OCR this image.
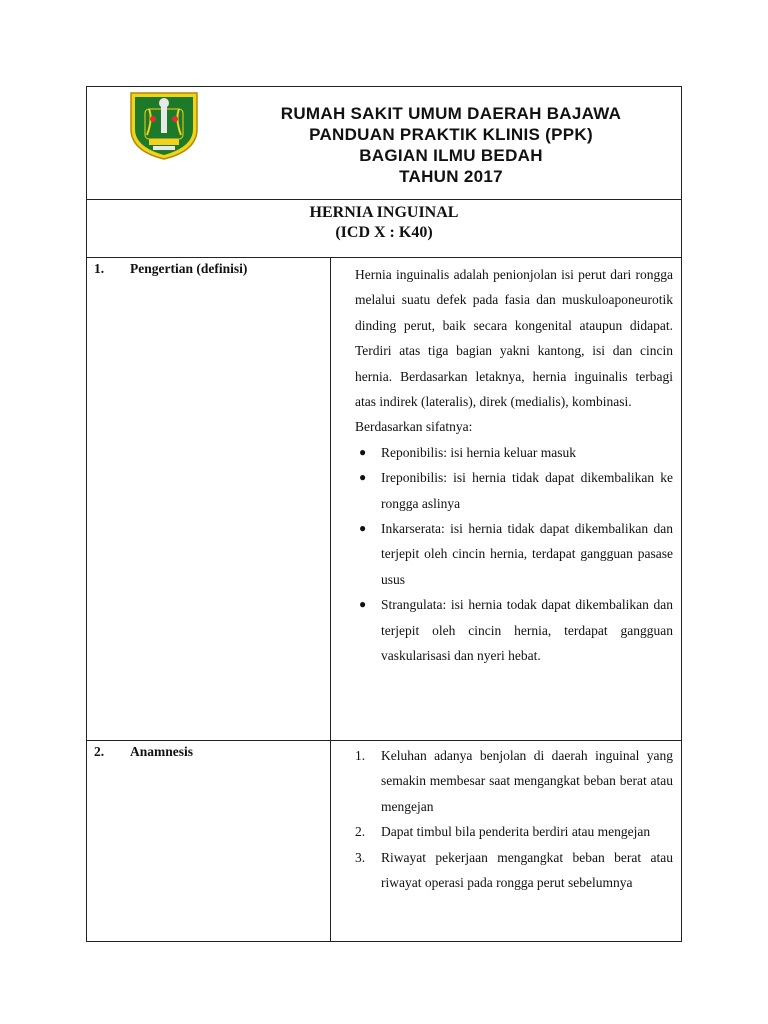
RUMAH SAKIT UMUM DAERAH BAJAWA
PANDUAN PRAKTIK KLINIS (PPK)
BAGIAN ILMU BEDAH
TAHUN 2017
HERNIA INGUINAL
(ICD X : K40)
1. Pengertian (definisi)	Hernia inguinalis adalah penionjolan isi perut dari rongga melalui suatu defek pada fasia dan muskuloaponeurotik dinding perut, baik secara kongenital ataupun didapat. Terdiri atas tiga bagian yakni kantong, isi dan cincin hernia. Berdasarkan letaknya, hernia inguinalis terbagi atas indirek (lateralis), direk (medialis), kombinasi.

Berdasarkan sifatnya:

● Reponibilis: isi hernia keluar masuk
● Ireponibilis: isi hernia tidak dapat dikembalikan ke rongga aslinya
● Inkarserata: isi hernia tidak dapat dikembalikan dan terjepit oleh cincin hernia, terdapat gangguan pasase usus
● Strangulata: isi hernia todak dapat dikembalikan dan terjepit oleh cincin hernia, terdapat gangguan vaskularisasi dan nyeri hebat.
2. Anamnesis	1. Keluhan adanya benjolan di daerah inguinal yang semakin membesar saat mengangkat beban berat atau mengejan
2. Dapat timbul bila penderita berdiri atau mengejan
3. Riwayat pekerjaan mengangkat beban berat atau riwayat operasi pada rongga perut sebelumnya
